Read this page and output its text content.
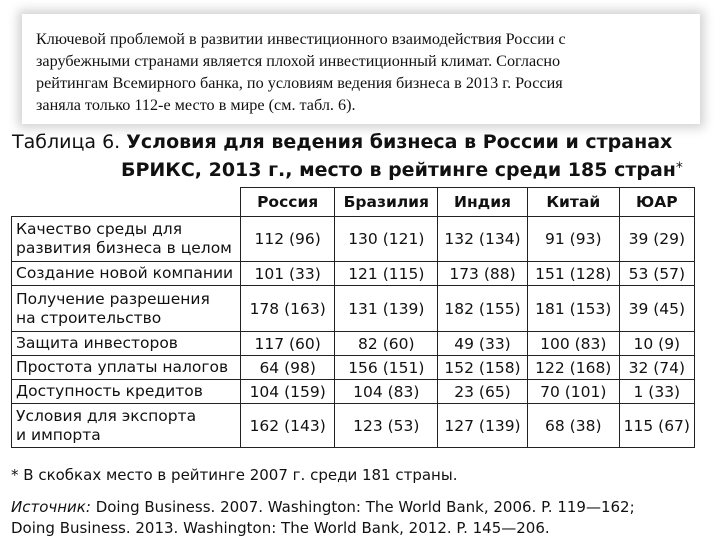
Ключевой проблемой в развитии инвестиционного взаимодействия России с
зарубежными странами является плохой инвестиционный климат. Согласно
рейтингам Всемирного банка, по условиям ведения бизнеса в 2013 г. Россия
заняла только 112-е место в мире (см. табл. 6).
Таблица 6. Условия для ведения бизнеса в России и странах
БРИКС, 2013 г., место в рейтинге среди 185 стран*
	Россия	Бразилия	Индия	Китай	ЮАР

Качество среды для
развития бизнеса в целом	112 (96)	130 (121)	132 (134)	91 (93)	39 (29)

Создание новой компании	101 (33)	121 (115)	173 (88)	151 (128)	53 (57)

Получение разрешения
на строительство	178 (163)	131 (139)	182 (155)	181 (153)	39 (45)

Защита инвесторов	117 (60)	82 (60)	49 (33)	100 (83)	10 (9)

Простота уплаты налогов	64 (98)	156 (151)	152 (158)	122 (168)	32 (74)

Доступность кредитов	104 (159)	104 (83)	23 (65)	70 (101)	1 (33)

Условия для экспорта
и импорта	162 (143)	123 (53)	127 (139)	68 (38)	115 (67)
* В скобках место в рейтинге 2007 г. среди 181 страны.
Источник: Doing Business. 2007. Washington: The World Bank, 2006. P. 119—162;
Doing Business. 2013. Washington: The World Bank, 2012. P. 145—206.
